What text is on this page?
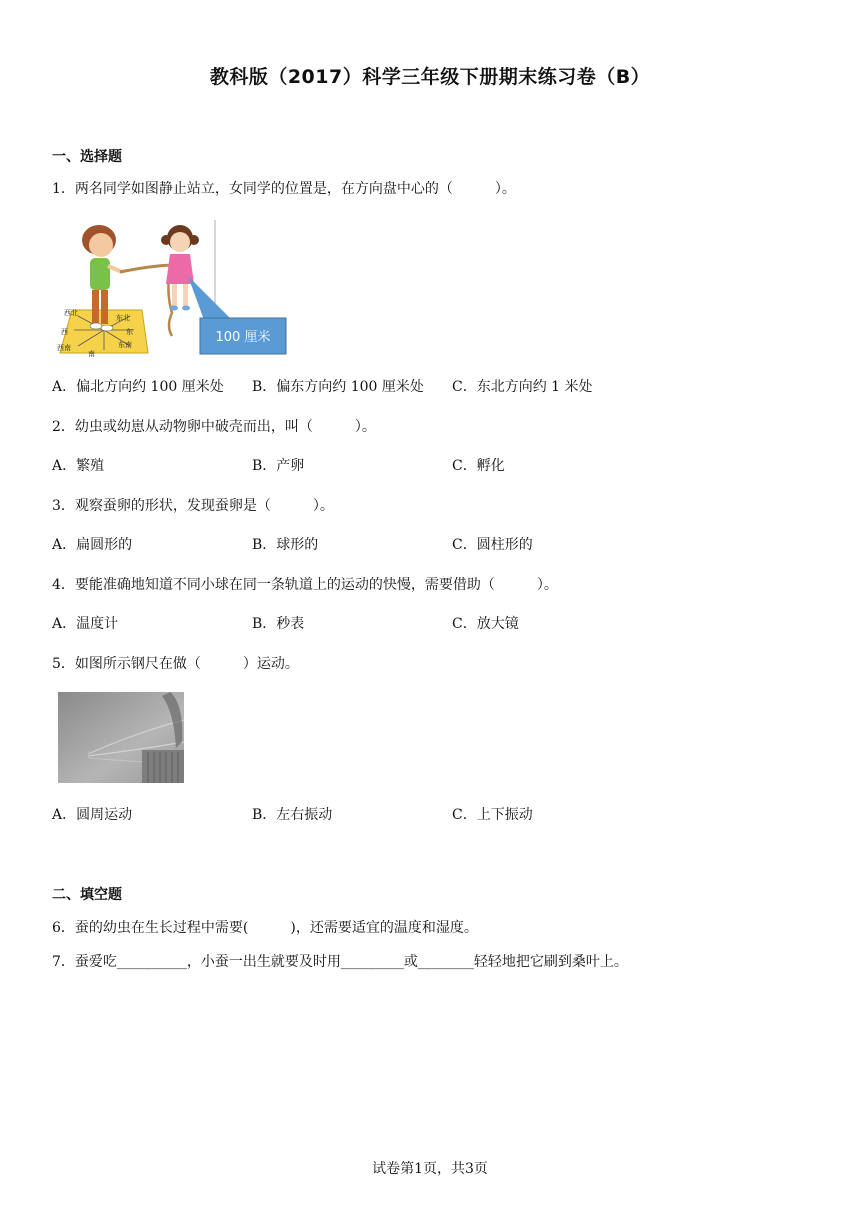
教科版（2017）科学三年级下册期末练习卷（B）
一、选择题
1．两名同学如图静止站立，女同学的位置是，在方向盘中心的（　　　）。
西北
东北
西	东
西南	东南
南
100 厘米
A．偏北方向约 100 厘米处 B．偏东方向约 100 厘米处 C．东北方向约 1 米处
2．幼虫或幼崽从动物卵中破壳而出，叫（　　　）。
A．繁殖	B．产卵	C．孵化
3．观察蚕卵的形状，发现蚕卵是（　　　）。
A．扁圆形的	B．球形的	C．圆柱形的
4．要能准确地知道不同小球在同一条轨道上的运动的快慢，需要借助（　　　）。
A．温度计	B．秒表	C．放大镜
5．如图所示钢尺在做（　　　）运动。
A．圆周运动	B．左右振动	C．上下振动
二、填空题
6．蚕的幼虫在生长过程中需要(　　　)，还需要适宜的温度和湿度。
7．蚕爱吃__________，小蚕一出生就要及时用_________或________轻轻地把它刷到桑叶上。
试卷第1页，共3页
